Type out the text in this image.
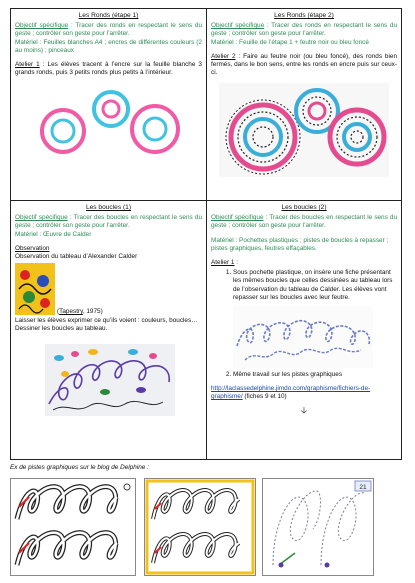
Les Ronds (étape 1)
Objectif spécifique : Tracer des ronds en respectant le sens du geste ; contrôler son geste pour l’arrêter.
Matériel : Feuilles blanches A4 ; encres de différentes couleurs (2 au moins) ; pinceaux
Atelier 1 : Les élèves tracent à l’encre sur la feuille blanche 3 grands ronds, puis 3 petits ronds plus petits à l’intérieur.
Les Ronds (étape 2)
Objectif spécifique : Tracer des ronds en respectant le sens du geste ; contrôler son geste pour l’arrêter.
Matériel : Feuille de l’étape 1 + feutre noir ou bleu foncé
Atelier 2 : Faire au feutre noir (ou bleu foncé), des ronds bien fermés, dans le bon sens, entre les ronds en encre puis sur ceux-ci.
Les boucles (1)
Objectif spécifique : Tracer des boucles en respectant le sens du geste ; contrôler son geste pour l’arrêter.
Matériel : Œuvre de Calder
Observation
Observation du tableau d’Alexander Calder
(Tapestry, 1975)
Laisser les élèves exprimer ce qu’ils voient : couleurs, boucles…
Dessiner les boucles au tableau.
Les boucles (2)
Objectif spécifique : Tracer des boucles en respectant le sens du geste ; contrôler son geste pour l’arrêter.
Matériel : Pochettes plastiques ; pistes de boucles à repasser ; pistes graphiques, feutres effaçables.
Atelier 1 :
1. Sous pochette plastique, on insère une fiche présentant les mêmes boucles que celles dessinées au tableau lors de l’observation du tableau de Calder. Les élèves vont repasser sur les boucles avec leur feutre.
2. Même travail sur les pistes graphiques
http://laclassedelphine.jimdo.com/graphisme/fichiers-de-graphisme/ (fiches 9 et 10)
🡣
Ex de pistes graphiques sur le blog de Delphine :
21
